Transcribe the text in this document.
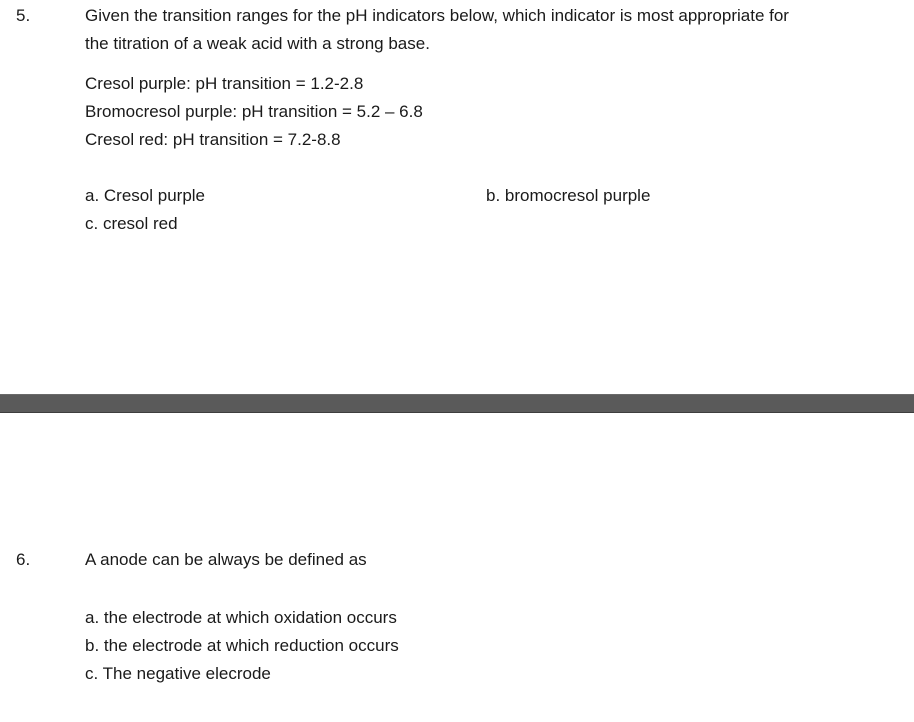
5.	Given the transition ranges for the pH indicators below, which indicator is most appropriate for
the titration of a weak acid with a strong base.
Cresol purple: pH transition = 1.2-2.8
Bromocresol purple: pH transition = 5.2 – 6.8
Cresol red: pH transition = 7.2-8.8
a. Cresol purple	b. bromocresol purple
c. cresol red
6.	A anode can be always be defined as
a. the electrode at which oxidation occurs
b. the electrode at which reduction occurs
c. The negative elecrode
